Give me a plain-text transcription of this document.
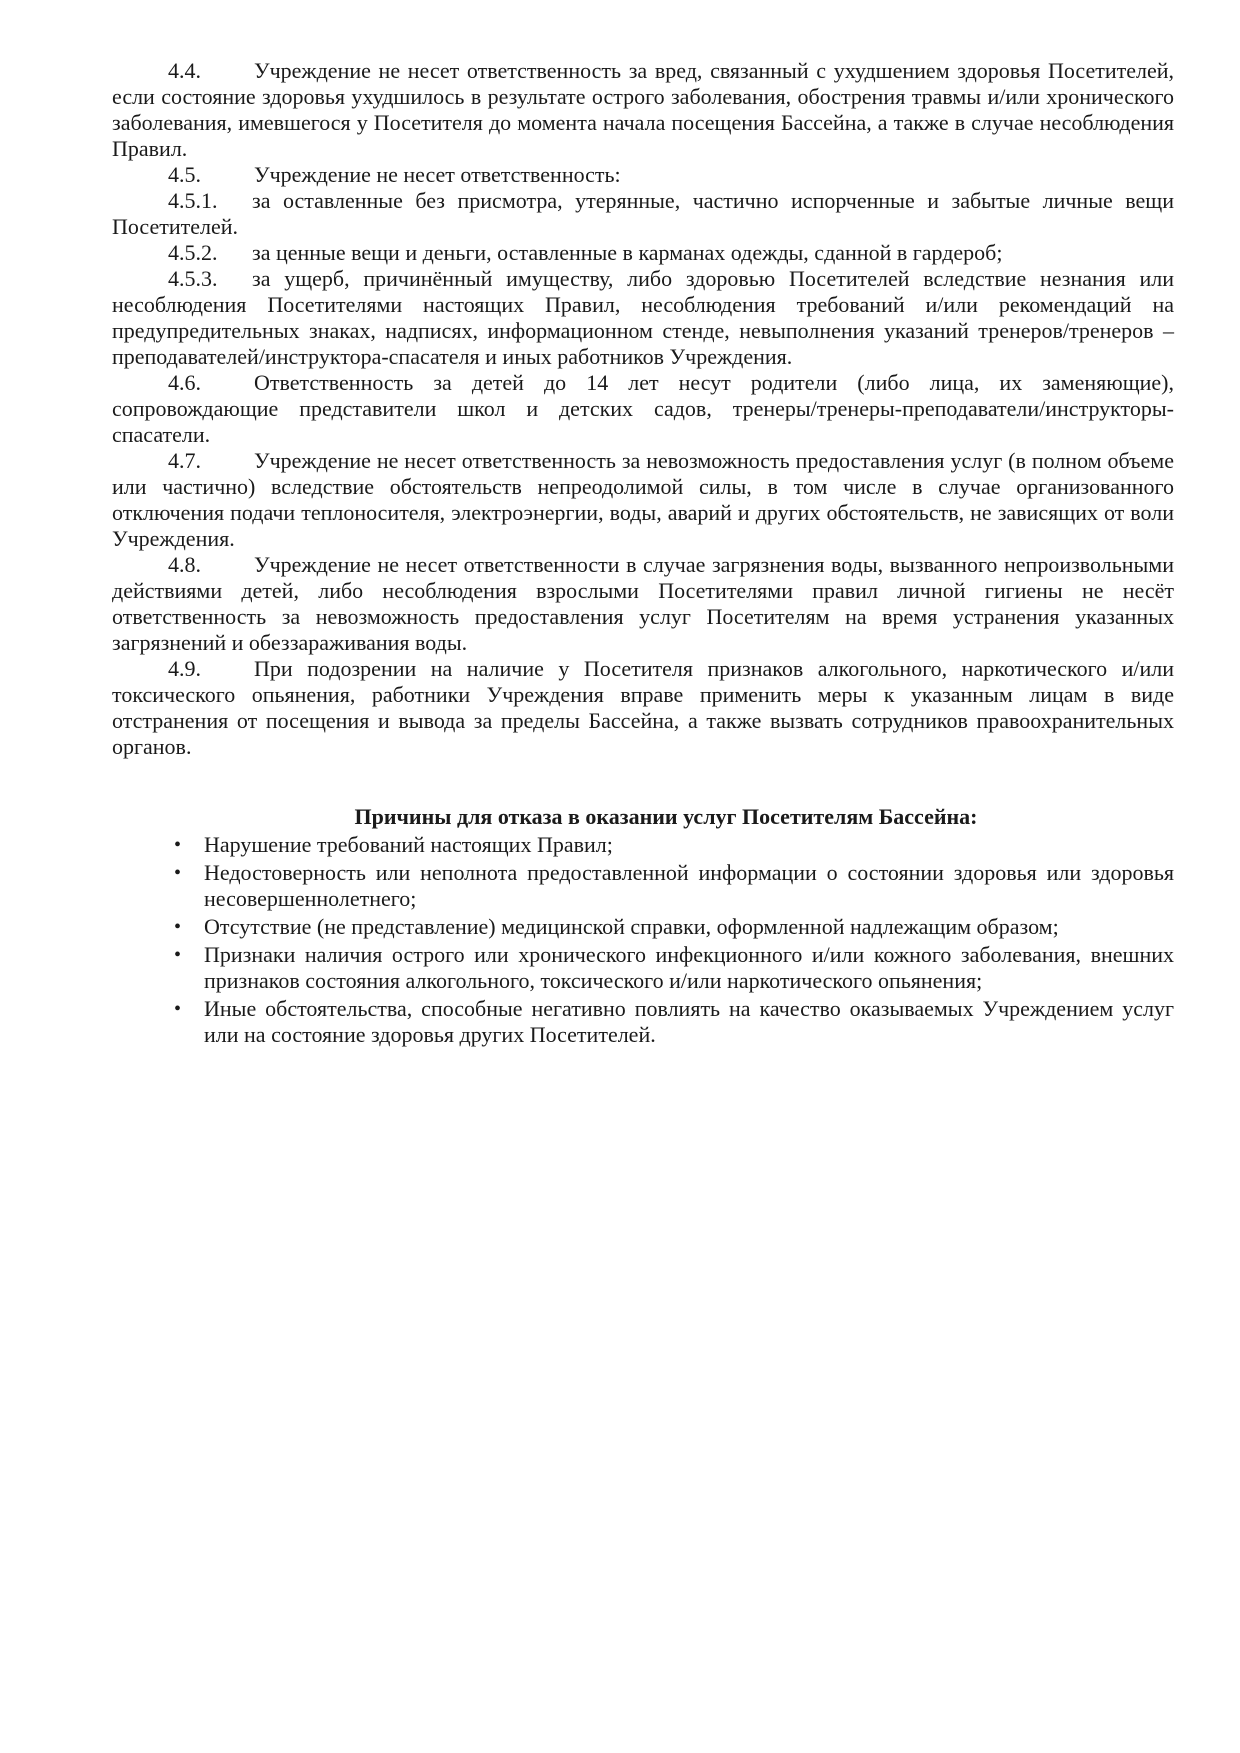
4.4. Учреждение не несет ответственность за вред, связанный с ухудшением здоровья Посетителей, если состояние здоровья ухудшилось в результате острого заболевания, обострения травмы и/или хронического заболевания, имевшегося у Посетителя до момента начала посещения Бассейна, а также в случае несоблюдения Правил.

4.5. Учреждение не несет ответственность:

4.5.1. за оставленные без присмотра, утерянные, частично испорченные и забытые личные вещи Посетителей.

4.5.2. за ценные вещи и деньги, оставленные в карманах одежды, сданной в гардероб;

4.5.3. за ущерб, причинённый имуществу, либо здоровью Посетителей вследствие незнания или несоблюдения Посетителями настоящих Правил, несоблюдения требований и/или рекомендаций на предупредительных знаках, надписях, информационном стенде, невыполнения указаний тренеров/тренеров – преподавателей/инструктора-спасателя и иных работников Учреждения.

4.6. Ответственность за детей до 14 лет несут родители (либо лица, их заменяющие), сопровождающие представители школ и детских садов, тренеры/тренеры-преподаватели/инструкторы-спасатели.

4.7. Учреждение не несет ответственность за невозможность предоставления услуг (в полном объеме или частично) вследствие обстоятельств непреодолимой силы, в том числе в случае организованного отключения подачи теплоносителя, электроэнергии, воды, аварий и других обстоятельств, не зависящих от воли Учреждения.

4.8. Учреждение не несет ответственности в случае загрязнения воды, вызванного непроизвольными действиями детей, либо несоблюдения взрослыми Посетителями правил личной гигиены не несёт ответственность за невозможность предоставления услуг Посетителям на время устранения указанных загрязнений и обеззараживания воды.

4.9. При подозрении на наличие у Посетителя признаков алкогольного, наркотического и/или токсического опьянения, работники Учреждения вправе применить меры к указанным лицам в виде отстранения от посещения и вывода за пределы Бассейна, а также вызвать сотрудников правоохранительных органов.

Причины для отказа в оказании услуг Посетителям Бассейна:
• Нарушение требований настоящих Правил;
• Недостоверность или неполнота предоставленной информации о состоянии здоровья или здоровья несовершеннолетнего;
• Отсутствие (не представление) медицинской справки, оформленной надлежащим образом;
• Признаки наличия острого или хронического инфекционного и/или кожного заболевания, внешних признаков состояния алкогольного, токсического и/или наркотического опьянения;
• Иные обстоятельства, способные негативно повлиять на качество оказываемых Учреждением услуг или на состояние здоровья других Посетителей.
